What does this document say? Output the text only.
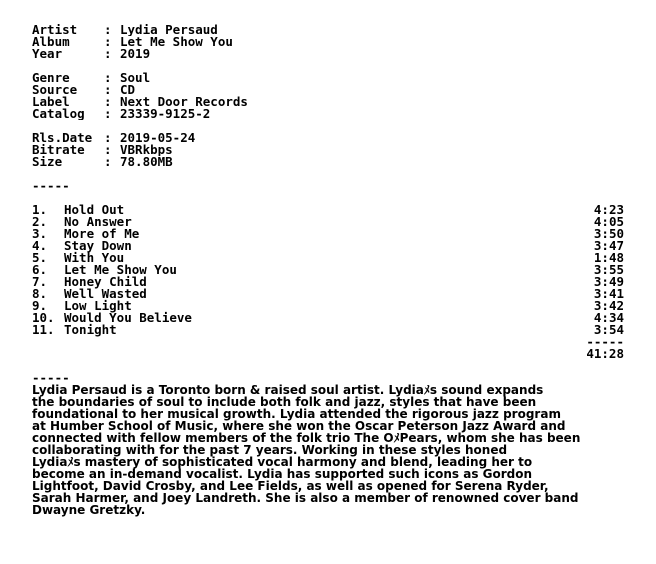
Artist : Lydia Persaud
Album	: Let Me Show You
Year	: 2019
Genre	: Soul
Source : CD
Label	: Next Door Records
Catalog : 23339-9125-2
Rls.Date : 2019-05-24
Bitrate : VBRkbps
Size	: 78.80MB
-----
1.	Hold Out	4:23
2.	No Answer	4:05
3.	More of Me	3:50
4.	Stay Down	3:47
5.	With You	1:48
6.	Let Me Show You	3:55
7.	Honey Child	3:49
8.	Well Wasted	3:41
9.	Low Light	3:42
10. Would You Believe	4:34
11. Tonight	3:54
-----
41:28
-----
Lydia Persaud is a Toronto born & raised soul artist. Lydiaﾒs sound expands
the boundaries of soul to include both folk and jazz, styles that have been
foundational to her musical growth. Lydia attended the rigorous jazz program
at Humber School of Music, where she won the Oscar Peterson Jazz Award and
connected with fellow members of the folk trio The OﾒPears, whom she has been
collaborating with for the past 7 years. Working in these styles honed
Lydiaﾒs mastery of sophisticated vocal harmony and blend, leading her to
become an in-demand vocalist. Lydia has supported such icons as Gordon
Lightfoot, David Crosby, and Lee Fields, as well as opened for Serena Ryder,
Sarah Harmer, and Joey Landreth. She is also a member of renowned cover band
Dwayne Gretzky.
